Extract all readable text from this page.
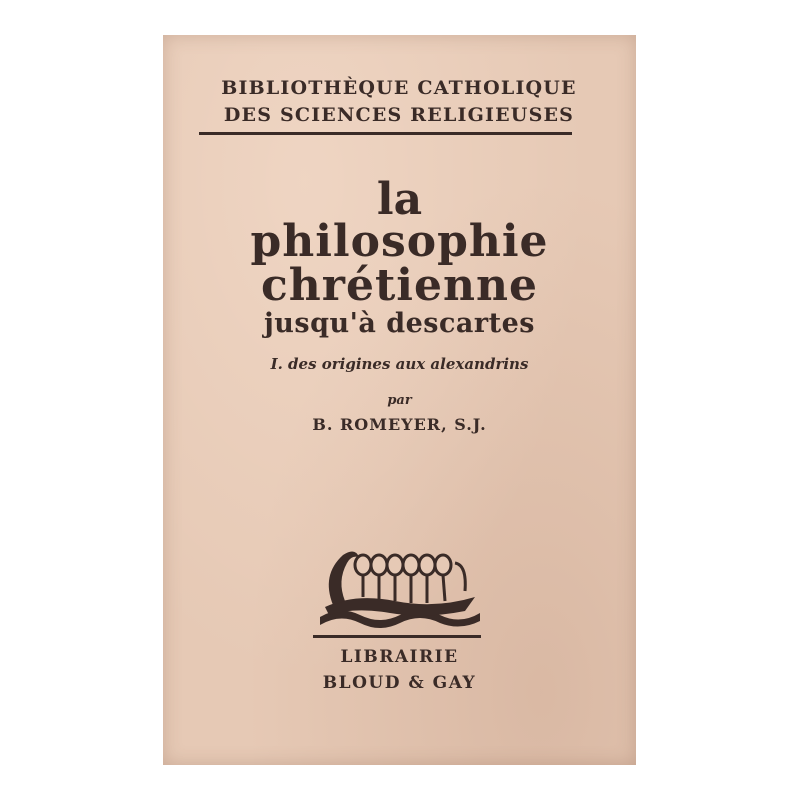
BIBLIOTHÈQUE CATHOLIQUE
DES SCIENCES RELIGIEUSES
la
philosophie
chrétienne
jusqu'à descartes
I. des origines aux alexandrins
par
B. ROMEYER, S.J.
LIBRAIRIE
BLOUD & GAY
